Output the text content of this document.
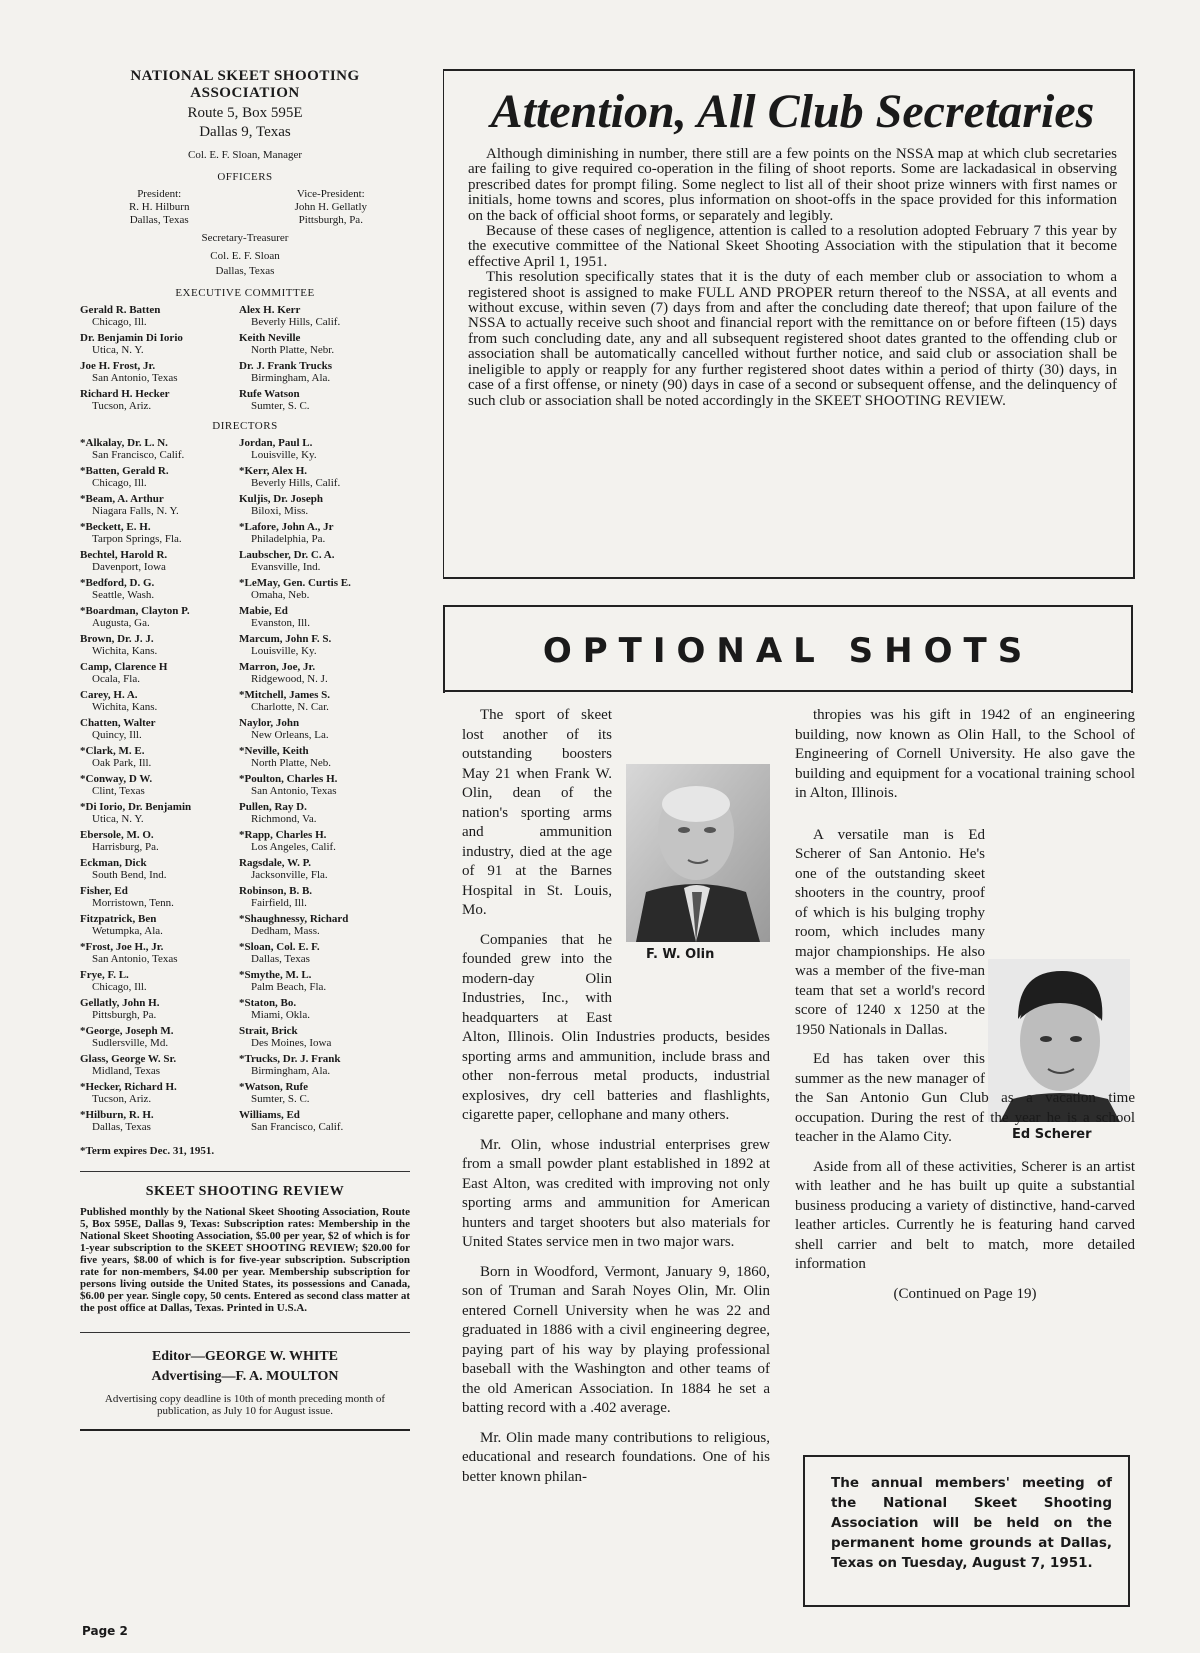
NATIONAL SKEET SHOOTING
ASSOCIATION
Route 5, Box 595E
Dallas 9, Texas
Col. E. F. Sloan, Manager
OFFICERS
President:
R. H. Hilburn
Dallas, Texas
Vice-President:
John H. Gellatly
Pittsburgh, Pa.
Secretary-Treasurer
Col. E. F. Sloan
Dallas, Texas
EXECUTIVE COMMITTEE
Gerald R. Batten
Chicago, Ill.
Alex H. Kerr
Beverly Hills, Calif.
Dr. Benjamin Di Iorio
Utica, N. Y.
Keith Neville
North Platte, Nebr.
Joe H. Frost, Jr.
San Antonio, Texas
Dr. J. Frank Trucks
Birmingham, Ala.
Richard H. Hecker
Tucson, Ariz.
Rufe Watson
Sumter, S. C.
DIRECTORS
*Alkalay, Dr. L. N.
San Francisco, Calif.
Jordan, Paul L.
Louisville, Ky.
*Batten, Gerald R.
Chicago, Ill.
*Kerr, Alex H.
Beverly Hills, Calif.
*Beam, A. Arthur
Niagara Falls, N. Y.
Kuljis, Dr. Joseph
Biloxi, Miss.
*Beckett, E. H.
Tarpon Springs, Fla.
*Lafore, John A., Jr
Philadelphia, Pa.
Bechtel, Harold R.
Davenport, Iowa
Laubscher, Dr. C. A.
Evansville, Ind.
*Bedford, D. G.
Seattle, Wash.
*LeMay, Gen. Curtis E.
Omaha, Neb.
*Boardman, Clayton P.
Augusta, Ga.
Mabie, Ed
Evanston, Ill.
Brown, Dr. J. J.
Wichita, Kans.
Marcum, John F. S.
Louisville, Ky.
Camp, Clarence H
Ocala, Fla.
Marron, Joe, Jr.
Ridgewood, N. J.
Carey, H. A.
Wichita, Kans.
*Mitchell, James S.
Charlotte, N. Car.
Chatten, Walter
Quincy, Ill.
Naylor, John
New Orleans, La.
*Clark, M. E.
Oak Park, Ill.
*Neville, Keith
North Platte, Neb.
*Conway, D W.
Clint, Texas
*Poulton, Charles H.
San Antonio, Texas
*Di Iorio, Dr. Benjamin
Utica, N. Y.
Pullen, Ray D.
Richmond, Va.
Ebersole, M. O.
Harrisburg, Pa.
*Rapp, Charles H.
Los Angeles, Calif.
Eckman, Dick
South Bend, Ind.
Ragsdale, W. P.
Jacksonville, Fla.
Fisher, Ed
Morristown, Tenn.
Robinson, B. B.
Fairfield, Ill.
Fitzpatrick, Ben
Wetumpka, Ala.
*Shaughnessy, Richard
Dedham, Mass.
*Frost, Joe H., Jr.
San Antonio, Texas
*Sloan, Col. E. F.
Dallas, Texas
Frye, F. L.
Chicago, Ill.
*Smythe, M. L.
Palm Beach, Fla.
Gellatly, John H.
Pittsburgh, Pa.
*Staton, Bo.
Miami, Okla.
*George, Joseph M.
Sudlersville, Md.
Strait, Brick
Des Moines, Iowa
Glass, George W. Sr.
Midland, Texas
*Trucks, Dr. J. Frank
Birmingham, Ala.
*Hecker, Richard H.
Tucson, Ariz.
*Watson, Rufe
Sumter, S. C.
*Hilburn, R. H.
Dallas, Texas
Williams, Ed
San Francisco, Calif.
*Term expires Dec. 31, 1951.
SKEET SHOOTING REVIEW
Published monthly by the National Skeet Shooting Association, Route 5, Box 595E, Dallas 9, Texas: Subscription rates: Membership in the National Skeet Shooting Association, $5.00 per year, $2 of which is for 1-year subscription to the SKEET SHOOTING REVIEW; $20.00 for five years, $8.00 of which is for five-year subscription. Subscription rate for non-members, $4.00 per year. Membership subscription for persons living outside the United States, its possessions and Canada, $6.00 per year. Single copy, 50 cents. Entered as second class matter at the post office at Dallas, Texas. Printed in U.S.A.
Editor—GEORGE W. WHITE
Advertising—F. A. MOULTON
Advertising copy deadline is 10th of month preceding month of publication, as July 10 for August issue.
Attention, All Club Secretaries

Although diminishing in number, there still are a few points on the NSSA map at which club secretaries are failing to give required co-operation in the filing of shoot reports. Some are lackadasical in observing prescribed dates for prompt filing. Some neglect to list all of their shoot prize winners with first names or initials, home towns and scores, plus information on shoot-offs in the space provided for this information on the back of official shoot forms, or separately and legibly.

Because of these cases of negligence, attention is called to a resolution adopted February 7 this year by the executive committee of the National Skeet Shooting Association with the stipulation that it become effective April 1, 1951.

This resolution specifically states that it is the duty of each member club or association to whom a registered shoot is assigned to make FULL AND PROPER return thereof to the NSSA, at all events and without excuse, within seven (7) days from and after the concluding date thereof; that upon failure of the NSSA to actually receive such shoot and financial report with the remittance on or before fifteen (15) days from such concluding date, any and all subsequent registered shoot dates granted to the offending club or association shall be automatically cancelled without further notice, and said club or association shall be ineligible to apply or reapply for any further registered shoot dates within a period of thirty (30) days, in case of a first offense, or ninety (90) days in case of a second or subsequent offense, and the delinquency of such club or association shall be noted accordingly in the SKEET SHOOTING REVIEW.

OPTIONAL SHOTS
F. W. Olin
Ed Scherer

The sport of skeet lost another of its outstanding boosters May 21 when Frank W. Olin, dean of the nation's sporting arms and ammunition industry, died at the age of 91 at the Barnes Hospital in St. Louis, Mo.

Companies that he founded grew into the modern-day Olin Industries, Inc., with headquarters at East Alton, Illinois. Olin Industries products, besides sporting arms and ammunition, include brass and other non-ferrous metal products, industrial explosives, dry cell batteries and flashlights, cigarette paper, cellophane and many others.

Mr. Olin, whose industrial enterprises grew from a small powder plant established in 1892 at East Alton, was credited with improving not only sporting arms and ammunition for American hunters and target shooters but also materials for United States service men in two major wars.

Born in Woodford, Vermont, January 9, 1860, son of Truman and Sarah Noyes Olin, Mr. Olin entered Cornell University when he was 22 and graduated in 1886 with a civil engineering degree, paying part of his way by playing professional baseball with the Washington and other teams of the old American Association. In 1884 he set a batting record with a .402 average.

Mr. Olin made many contributions to religious, educational and research foundations. One of his better known philan-

thropies was his gift in 1942 of an engineering building, now known as Olin Hall, to the School of Engineering of Cornell University. He also gave the building and equipment for a vocational training school in Alton, Illinois.

A versatile man is Ed Scherer of San Antonio. He's one of the outstanding skeet shooters in the country, proof of which is his bulging trophy room, which includes many major championships. He also was a member of the five-man team that set a world's record score of 1240 x 1250 at the 1950 Nationals in Dallas.

Ed has taken over this summer as the new manager of the San Antonio Gun Club as a vacation time occupation. During the rest of the year he is a school teacher in the Alamo City.

Aside from all of these activities, Scherer is an artist with leather and he has built up quite a substantial business producing a variety of distinctive, hand-carved leather articles. Currently he is featuring hand carved shell carrier and belt to match, more detailed information

(Continued on Page 19)
The annual members' meeting of the National Skeet Shooting Association will be held on the permanent home grounds at Dallas, Texas on Tuesday, August 7, 1951.
Page 2
